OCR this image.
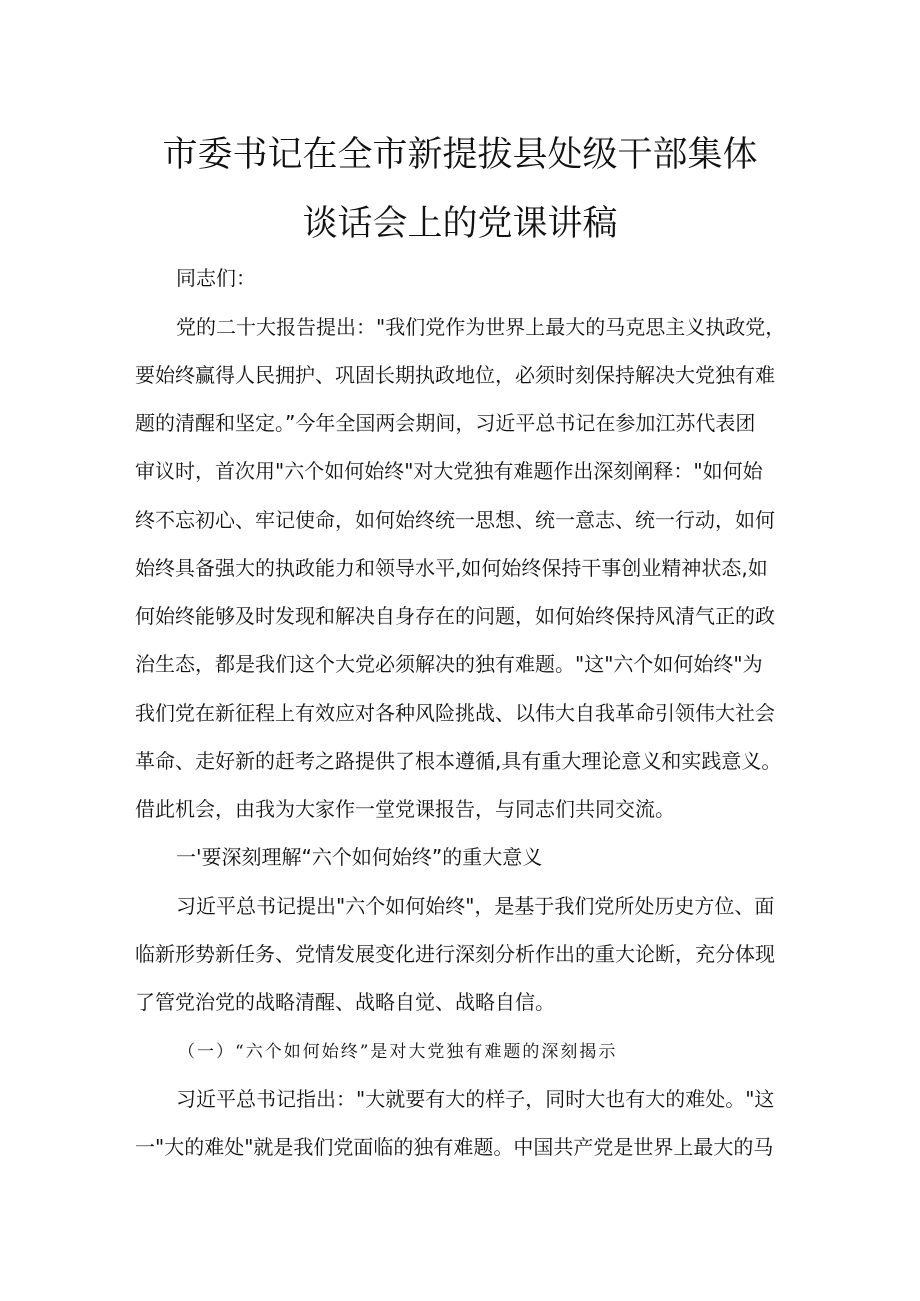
市委书记在全市新提拔县处级干部集体
谈话会上的党课讲稿
同志们：
党的二十大报告提出："我们党作为世界上最大的马克思主义执政党，
要始终赢得人民拥护、巩固长期执政地位，必须时刻保持解决大党独有难
题的清醒和坚定。”今年全国两会期间，习近平总书记在参加江苏代表团
审议时，首次用"六个如何始终"对大党独有难题作出深刻阐释："如何始
终不忘初心、牢记使命，如何始终统一思想、统一意志、统一行动，如何
始终具备强大的执政能力和领导水平,如何始终保持干事创业精神状态,如
何始终能够及时发现和解决自身存在的问题，如何始终保持风清气正的政
治生态，都是我们这个大党必须解决的独有难题。"这"六个如何始终"为
我们党在新征程上有效应对各种风险挑战、以伟大自我革命引领伟大社会
革命、走好新的赶考之路提供了根本遵循,具有重大理论意义和实践意义。
借此机会，由我为大家作一堂党课报告，与同志们共同交流。
一'要深刻理解“六个如何始终”的重大意义
习近平总书记提出"六个如何始终"，是基于我们党所处历史方位、面
临新形势新任务、党情发展变化进行深刻分析作出的重大论断，充分体现
了管党治党的战略清醒、战略自觉、战略自信。
（一）“六个如何始终”是对大党独有难题的深刻揭示
习近平总书记指出："大就要有大的样子，同时大也有大的难处。"这
一"大的难处"就是我们党面临的独有难题。中国共产党是世界上最大的马
